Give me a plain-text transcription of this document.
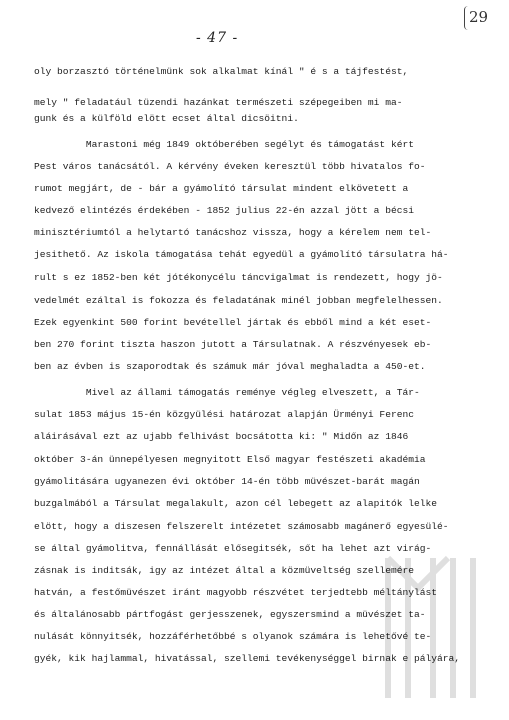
- 47 -
29
oly borzasztó történelmünk sok alkalmat kínál " é s a tájfestést,
mely " feladatául tüzendi hazánkat természeti szépegeiben mi ma-
gunk és a külföld elött ecset által dicsöitni.
Marastoni még 1849 októberében segélyt és támogatást kért
Pest város tanácsától. A kérvény éveken keresztül több hivatalos fo-
rumot megjárt, de - bár a gyámolító társulat mindent elkövetett a
kedvező elintézés érdekében - 1852 julius 22-én azzal jött a bécsi
minisztériumtól a helytartó tanácshoz vissza, hogy a kérelem nem tel-
jesithető. Az iskola támogatása tehát egyedül a gyámolító társulatra há-
rult s ez 1852-ben két jótékonycélu táncvigalmat is rendezett, hogy jö-
vedelmét ezáltal is fokozza és feladatának minél jobban megfelelhessen.
Ezek egyenkint 500 forint bevétellel jártak és ebből mind a két eset-
ben 270 forint tiszta haszon jutott a Társulatnak. A részvényesek eb-
ben az évben is szaporodtak és számuk már jóval meghaladta a 450-et.
Mivel az állami támogatás reménye végleg elveszett, a Tár-
sulat 1853 május 15-én közgyülési határozat alapján Ürményi Ferenc
aláirásával ezt az ujabb felhivást bocsátotta ki: " Midőn az 1846
október 3-án ünnepélyesen megnyitott Első magyar festészeti akadémia
gyámolitására ugyanezen évi október 14-én több müvészet-barát magán
buzgalmából a Társulat megalakult, azon cél lebegett az alapitók lelke
elött, hogy a diszesen felszerelt intézetet számosabb magánerő egyesülé-
se által gyámolitva, fennállását elősegitsék, sőt ha lehet azt virág-
zásnak is inditsák, igy az intézet által a közmüveltség szellemére
hatván, a festőmüvészet iránt magyobb részvétet terjedtebb méltánylást
és általánosabb pártfogást gerjesszenek, egyszersmind a müvészet ta-
nulását könnyitsék, hozzáférhetőbbé s olyanok számára is lehetővé te-
gyék, kik hajlammal, hivatással, szellemi tevékenységgel birnak e pályára,
